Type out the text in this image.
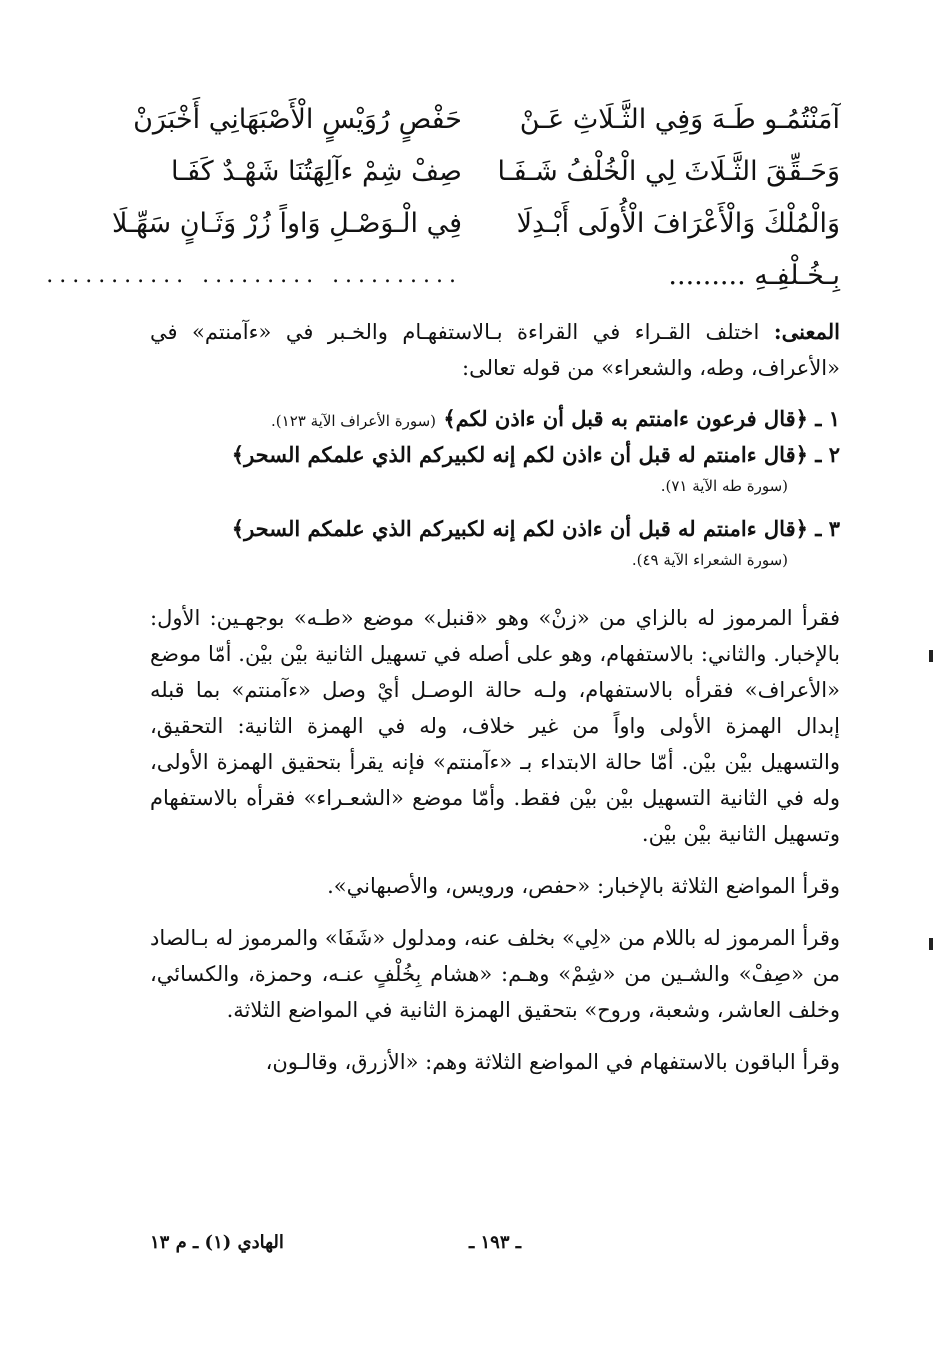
آمَنْتُمُـو طَـهَ وَفِي الثَّـلَاثِ عَـنْ
حَفْصٍ رُوَيْسٍ الْأَصْبَهَانِي أَخْبَرَنْ
وَحَـقِّقَ الثَّـلَاثَ لِي الْخُلْفُ شَـفَـا
صِفْ شِمْ ءآلِهَتُنَا شَهْـدٌ كَفَـا
وَالْمُلْكَ وَالْأَعْرَافَ الْأُولَى أَبْـدِلَا
فِي الْـوَصْـلِ وَاواً زُرْ وَثَـانٍ سَهِّـلَا
بِـخُـلْفِـهِ .........
.......... ......... ...........

المعنى: اختلف القـراء في القراءة بـالاستفهـام والخـبر في «ءآمنتم» في «الأعراف، وطه، والشعراء» من قوله تعالى:

١ ـ ﴿قال فرعون ءامنتم به قبل أن ءاذن لكم﴾ (سورة الأعراف الآية ١٢٣).
٢ ـ ﴿قال ءامنتم له قبل أن ءاذن لكم إنه لكبيركم الذي علمكم السحر﴾
(سورة طه الآية ٧١).
٣ ـ ﴿قال ءامنتم له قبل أن ءاذن لكم إنه لكبيركم الذي علمكم السحر﴾
(سورة الشعراء الآية ٤٩).

فقرأ المرموز له بالزاي من «زنْ» وهو «قنبل» موضع «طـه» بوجهـين: الأول: بالإخبار. والثاني: بالاستفهام، وهو على أصله في تسهيل الثانية بيْن بيْن. أمّا موضع «الأعراف» فقرأه بالاستفهام، ولـه حالة الوصـل أيْ وصل «ءآمنتم» بما قبله إبدال الهمزة الأولى واواً من غير خلاف، وله في الهمزة الثانية: التحقيق، والتسهيل بيْن بيْن. أمّا حالة الابتداء بـ «ءآمنتم» فإنه يقرأ بتحقيق الهمزة الأولى، وله في الثانية التسهيل بيْن بيْن فقط. وأمّا موضع «الشعـراء» فقرأه بالاستفهام وتسهيل الثانية بيْن بيْن.

وقرأ المواضع الثلاثة بالإخبار: «حفص، ورويس، والأصبهاني».

وقرأ المرموز له باللام من «لِي» بخلف عنه، ومدلول «شَفَا» والمرموز له بـالصاد من «صِفْ» والشـين من «شِمْ» وهـم: «هشام بِخُلْفٍ عنـه، وحمزة، والكسائي، وخلف العاشر، وشعبة، وروح» بتحقيق الهمزة الثانية في المواضع الثلاثة.

وقرأ الباقون بالاستفهام في المواضع الثلاثة وهم: «الأزرق، وقالـون،

ـ ١٩٣ ـ
الهادي (١) ـ م ١٣
